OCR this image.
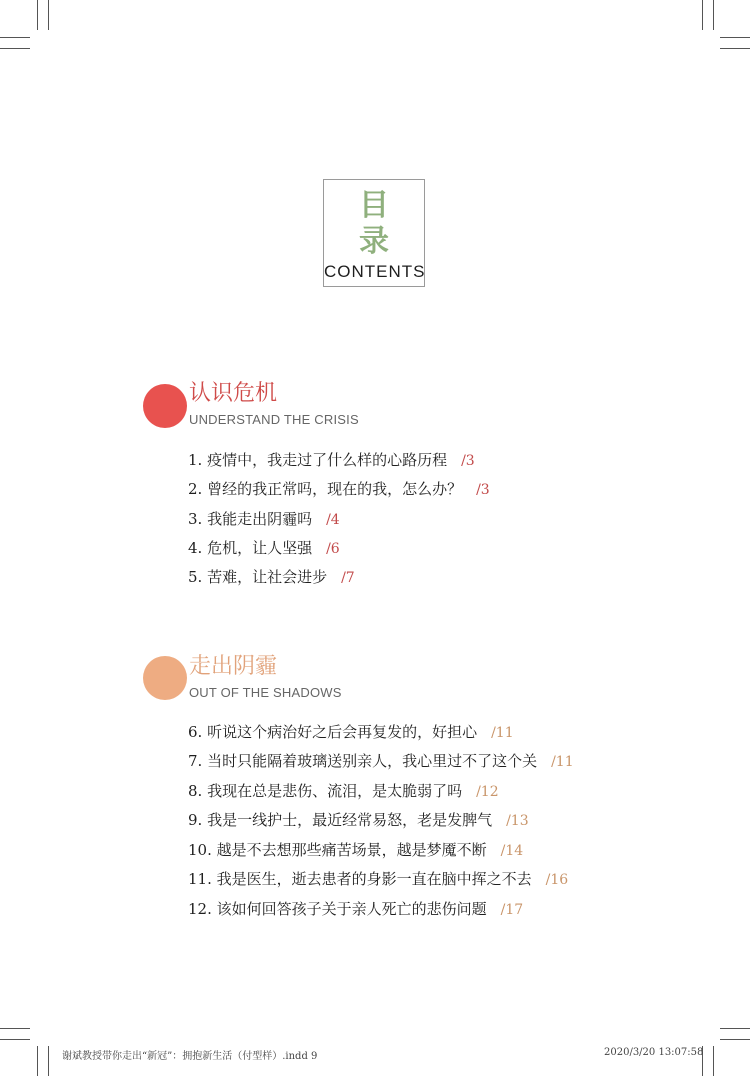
目
录
CONTENTS
认识危机
UNDERSTAND THE CRISIS
1. 疫情中，我走过了什么样的心路历程 /3
2. 曾经的我正常吗，现在的我，怎么办？ /3
3. 我能走出阴霾吗 /4
4. 危机，让人坚强 /6
5. 苦难，让社会进步 /7
走出阴霾
OUT OF THE SHADOWS
6. 听说这个病治好之后会再复发的，好担心 /11
7. 当时只能隔着玻璃送别亲人，我心里过不了这个关 /11
8. 我现在总是悲伤、流泪，是太脆弱了吗 /12
9. 我是一线护士，最近经常易怒，老是发脾气 /13
10. 越是不去想那些痛苦场景，越是梦魇不断 /14
11. 我是医生，逝去患者的身影一直在脑中挥之不去 /16
12. 该如何回答孩子关于亲人死亡的悲伤问题 /17
谢斌教授带你走出“新冠”：拥抱新生活（付型样）.indd 9	2020/3/20 13:07:58
